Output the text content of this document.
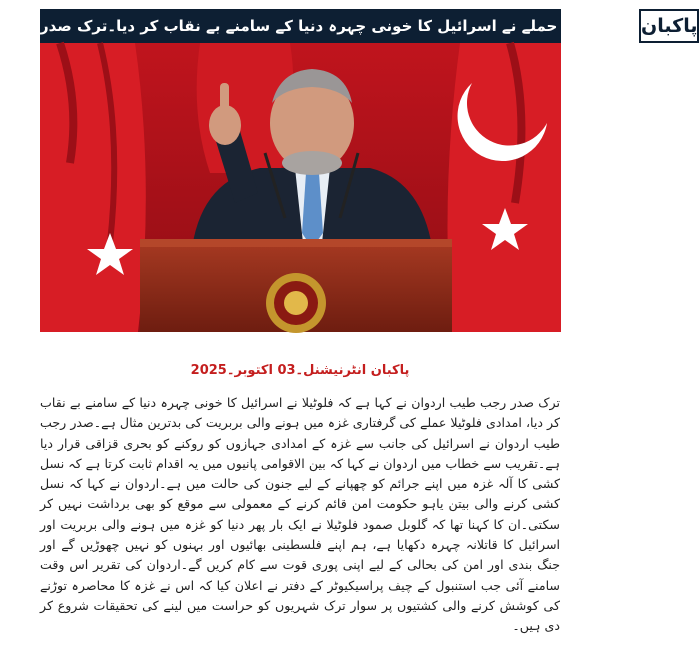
فلوٹیلا پر حملے نے اسرائیل کا خونی چہرہ دنیا کے سامنے بے نقاب کر دیا۔ترک صدر پاکبان
پاکبان انٹرنیشنل۔03 اکتوبر۔2025

ترک صدر رجب طیب اردوان نے کہا ہے کہ فلوٹیلا نے اسرائیل کا خونی چہرہ دنیا کے سامنے بے نقاب کر دیا، امدادی فلوٹیلا عملے کی گرفتاری غزہ میں ہونے والی بربریت کی بدترین مثال ہے۔صدر رجب طیب اردوان نے اسرائیل کی جانب سے غزہ کے امدادی جہازوں کو روکنے کو بحری قزاقی قرار دیا ہے۔تقریب سے خطاب میں اردوان نے کہا کہ بین الاقوامی پانیوں میں یہ اقدام ثابت کرتا ہے کہ نسل کشی کا آلہ غزہ میں اپنے جرائم کو چھپانے کے لیے جنون کی حالت میں ہے۔اردوان نے کہا کہ نسل کشی کرنے والی بیتن یاہو حکومت امن قائم کرنے کے معمولی سے موقع کو بھی برداشت نہیں کر سکتی۔ان کا کہنا تھا کہ گلوبل صمود فلوٹیلا نے ایک بار پھر دنیا کو غزہ میں ہونے والی بربریت اور اسرائیل کا قاتلانہ چہرہ دکھایا ہے، ہم اپنے فلسطینی بھائیوں اور بہنوں کو نہیں چھوڑیں گے اور جنگ بندی اور امن کی بحالی کے لیے اپنی پوری قوت سے کام کریں گے۔اردوان کی تقریر اس وقت سامنے آئی جب استنبول کے چیف پراسیکیوٹر کے دفتر نے اعلان کیا کہ اس نے غزہ کا محاصرہ توڑنے کی کوشش کرنے والی کشتیوں پر سوار ترک شہریوں کو حراست میں لینے کی تحقیقات شروع کر دی ہیں۔
